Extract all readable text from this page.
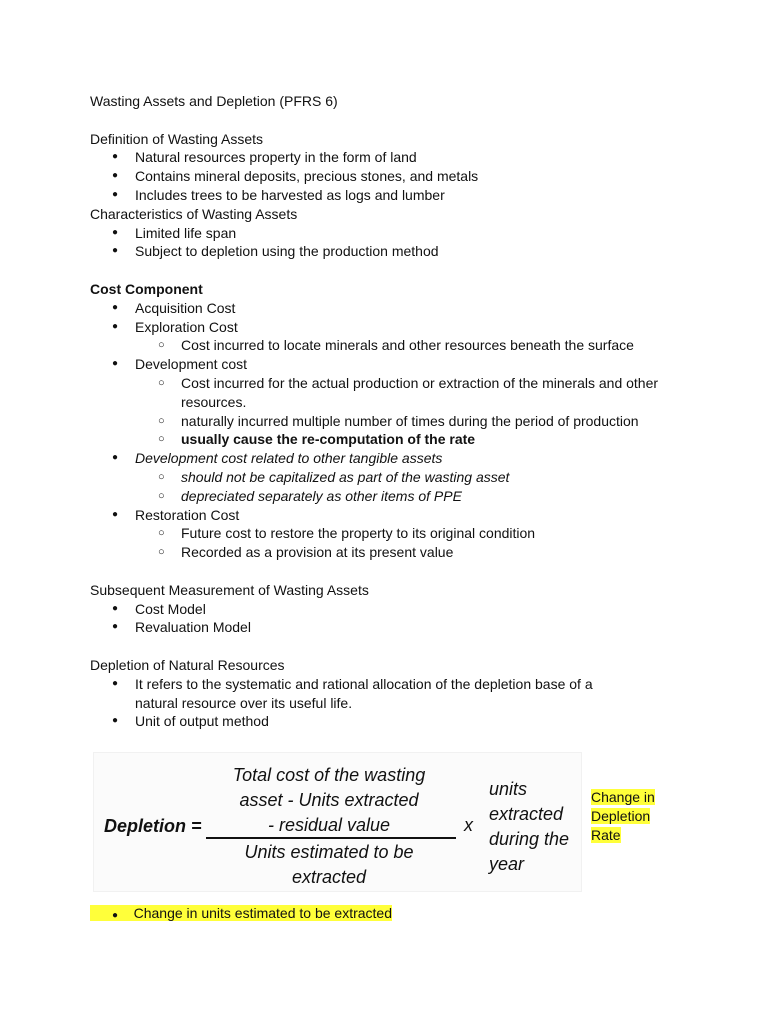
Wasting Assets and Depletion (PFRS 6)
Definition of Wasting Assets
● Natural resources property in the form of land
● Contains mineral deposits, precious stones, and metals
● Includes trees to be harvested as logs and lumber
Characteristics of Wasting Assets
● Limited life span
● Subject to depletion using the production method
Cost Component
● Acquisition Cost
● Exploration Cost
○ Cost incurred to locate minerals and other resources beneath the surface
● Development cost
○ Cost incurred for the actual production or extraction of the minerals and other resources.
○ naturally incurred multiple number of times during the period of production
○ usually cause the re-computation of the rate
● Development cost related to other tangible assets
○ should not be capitalized as part of the wasting asset
○ depreciated separately as other items of PPE
● Restoration Cost
○ Future cost to restore the property to its original condition
○ Recorded as a provision at its present value
Subsequent Measurement of Wasting Assets
● Cost Model
● Revaluation Model
Depletion of Natural Resources
● It refers to the systematic and rational allocation of the depletion base of a natural resource over its useful life.
● Unit of output method
Depletion =
Total cost of the wasting
asset - Units extracted
- residual value
Units estimated to be
extracted
x
units
extracted
during the
year
Change in Depletion Rate
● Change in units estimated to be extracted
